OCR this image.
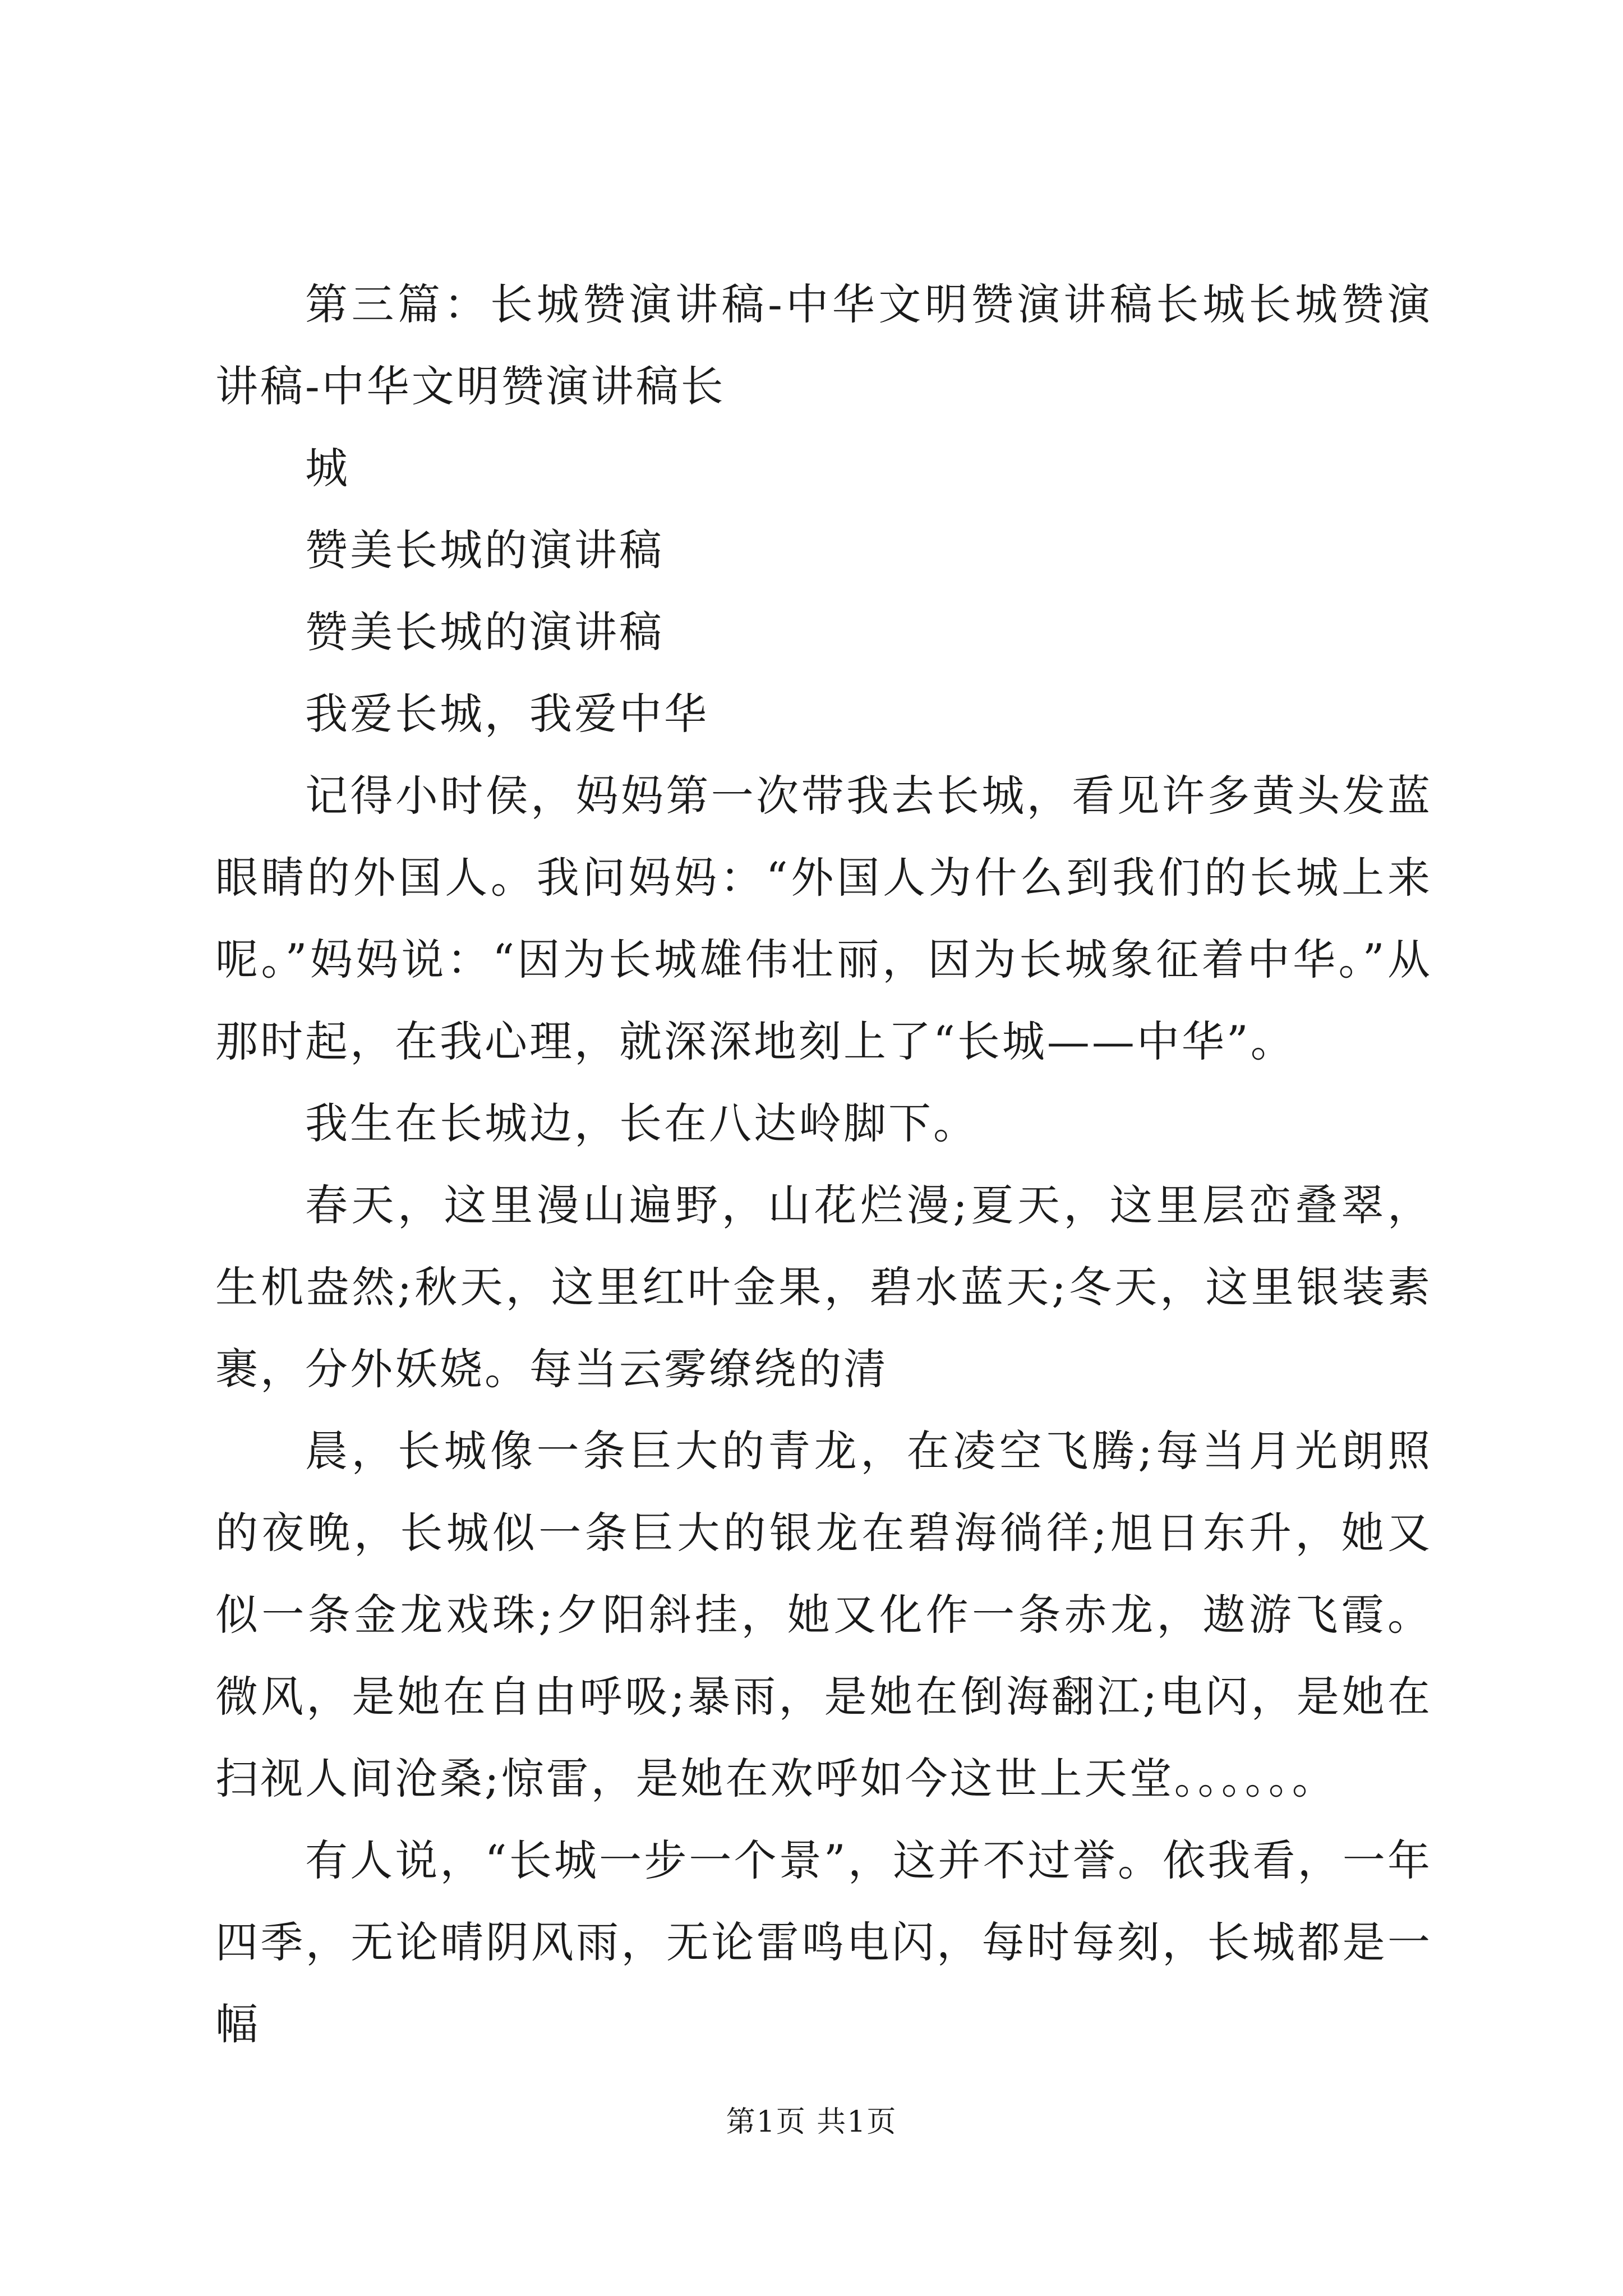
第三篇：长城赞演讲稿-中华文明赞演讲稿长城长城赞演讲稿-中华文明赞演讲稿长

城

赞美长城的演讲稿

赞美长城的演讲稿

我爱长城，我爱中华

记得小时侯，妈妈第一次带我去长城，看见许多黄头发蓝眼睛的外国人。我问妈妈：“外国人为什么到我们的长城上来呢。”妈妈说：“因为长城雄伟壮丽，因为长城象征着中华。”从那时起，在我心理，就深深地刻上了“长城——中华”。

我生在长城边，长在八达岭脚下。

春天，这里漫山遍野，山花烂漫;夏天，这里层峦叠翠，生机盎然;秋天，这里红叶金果，碧水蓝天;冬天，这里银装素裹，分外妖娆。每当云雾缭绕的清

晨，长城像一条巨大的青龙，在凌空飞腾;每当月光朗照的夜晚，长城似一条巨大的银龙在碧海徜徉;旭日东升，她又似一条金龙戏珠;夕阳斜挂，她又化作一条赤龙，遨游飞霞。微风，是她在自由呼吸;暴雨，是她在倒海翻江;电闪，是她在扫视人间沧桑;惊雷，是她在欢呼如今这世上天堂。。。。。。

有人说，“长城一步一个景”，这并不过誉。依我看，一年四季，无论晴阴风雨，无论雷鸣电闪，每时每刻，长城都是一幅

第1页 共1页
